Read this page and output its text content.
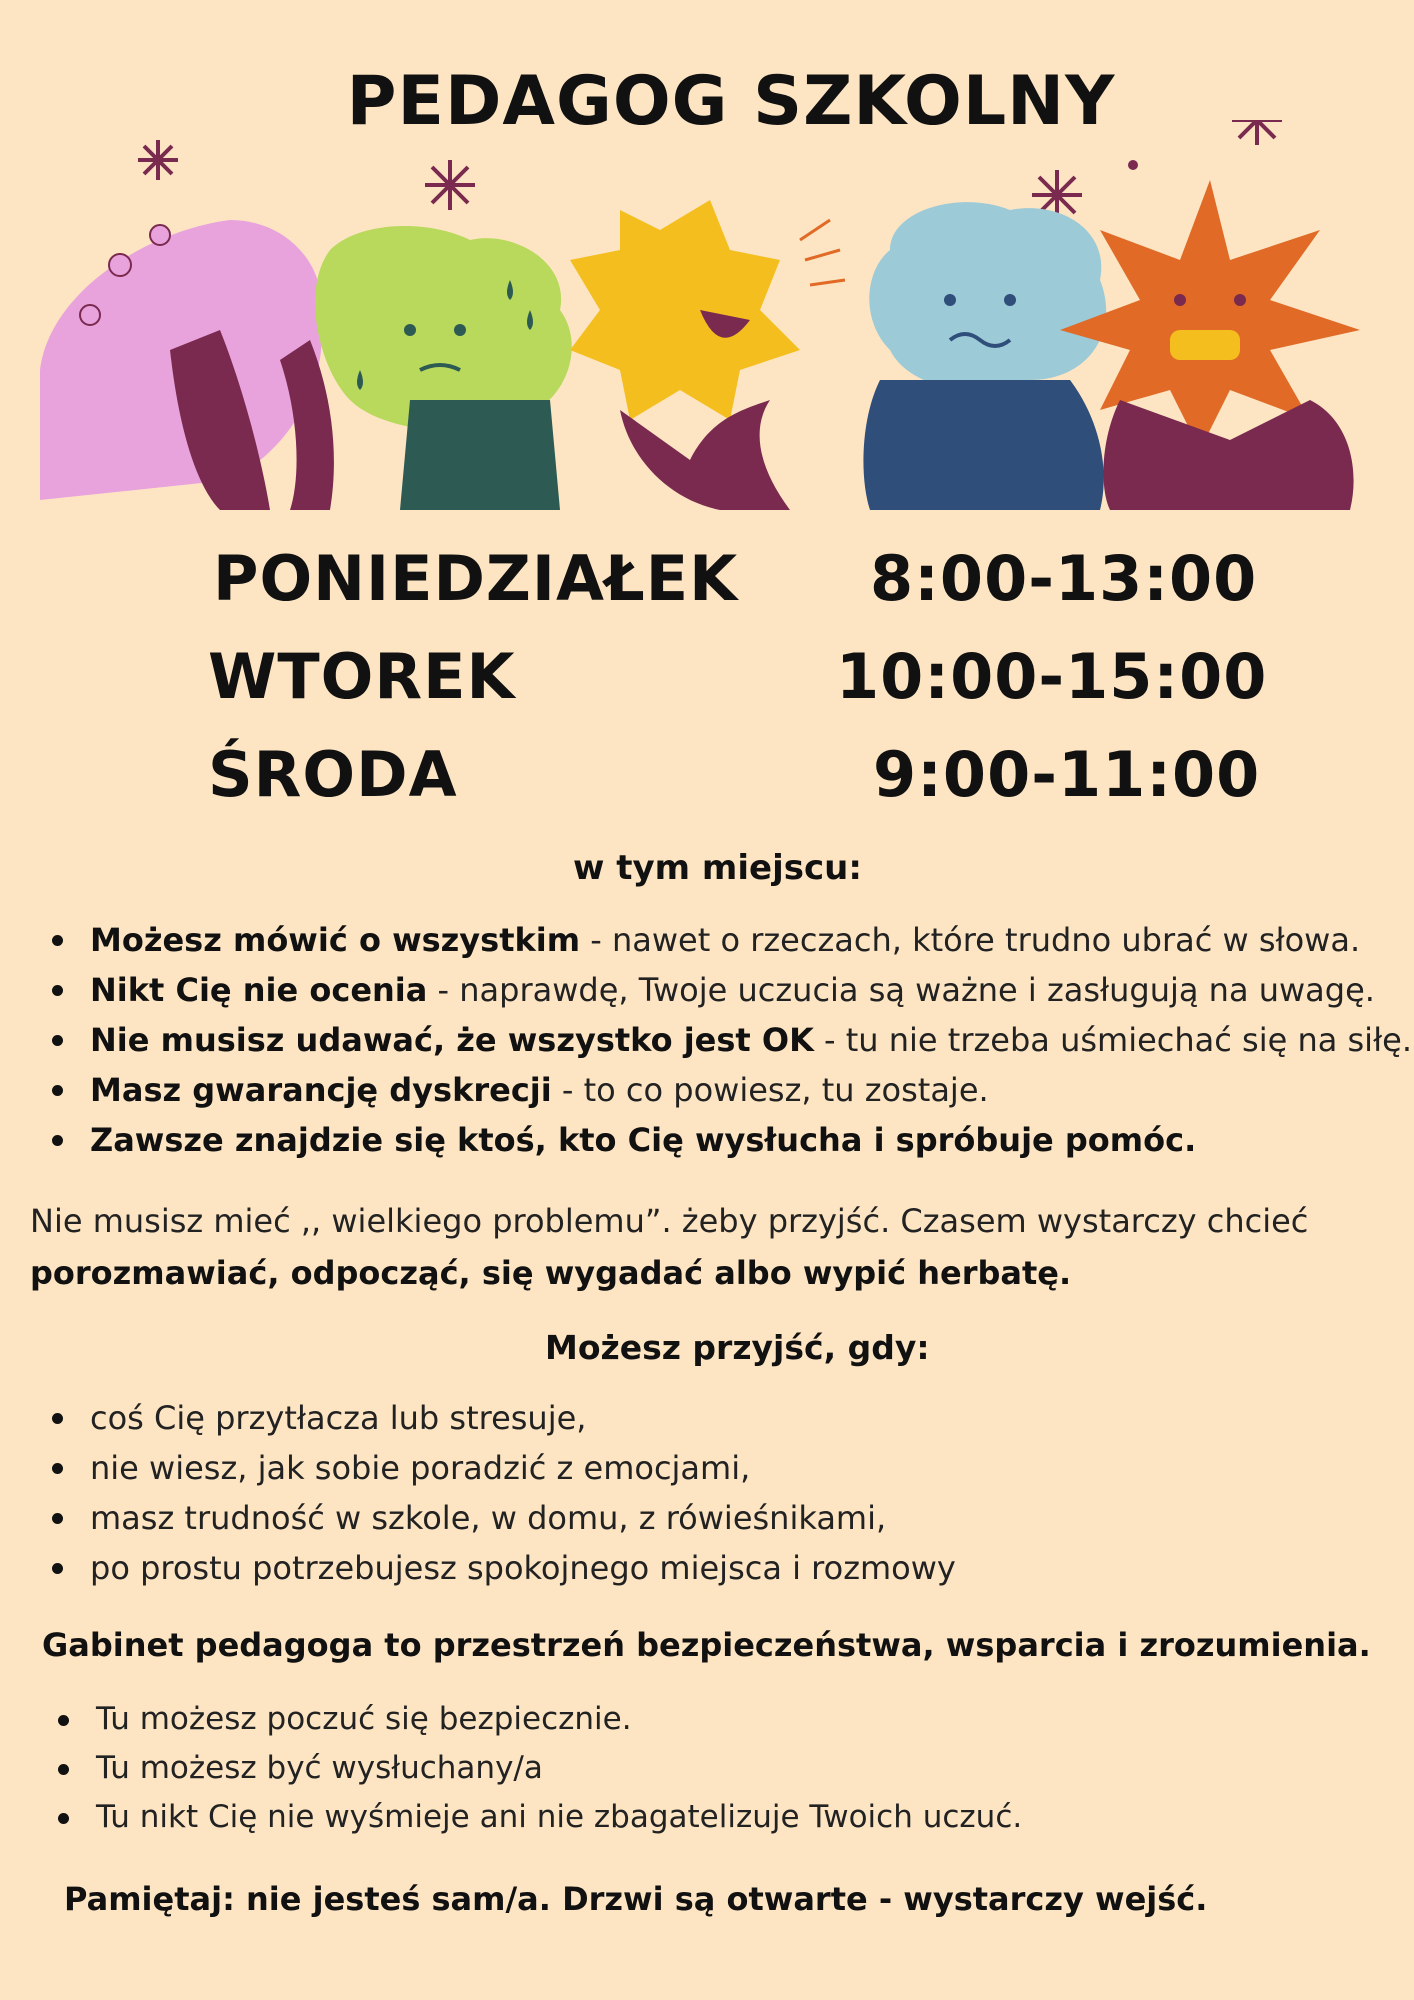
PEDAGOG SZKOLNY
PONIEDZIAŁEK 8:00-13:00
WTOREK	10:00-15:00
ŚRODA	9:00-11:00
w tym miejscu:
Możesz mówić o wszystkim - nawet o rzeczach, które trudno ubrać w słowa.
Nikt Cię nie ocenia - naprawdę, Twoje uczucia są ważne i zasługują na uwagę.
Nie musisz udawać, że wszystko jest OK - tu nie trzeba uśmiechać się na siłę.
Masz gwarancję dyskrecji - to co powiesz, tu zostaje.
Zawsze znajdzie się ktoś, kto Cię wysłucha i spróbuje pomóc.
Nie musisz mieć ,, wielkiego problemu”. żeby przyjść. Czasem wystarczy chcieć
porozmawiać, odpocząć, się wygadać albo wypić herbatę.
Możesz przyjść, gdy:
coś Cię przytłacza lub stresuje,
nie wiesz, jak sobie poradzić z emocjami,
masz trudność w szkole, w domu, z rówieśnikami,
po prostu potrzebujesz spokojnego miejsca i rozmowy
Gabinet pedagoga to przestrzeń bezpieczeństwa, wsparcia i zrozumienia.
Tu możesz poczuć się bezpiecznie.
Tu możesz być wysłuchany/a
Tu nikt Cię nie wyśmieje ani nie zbagatelizuje Twoich uczuć.
Pamiętaj: nie jesteś sam/a. Drzwi są otwarte - wystarczy wejść.
